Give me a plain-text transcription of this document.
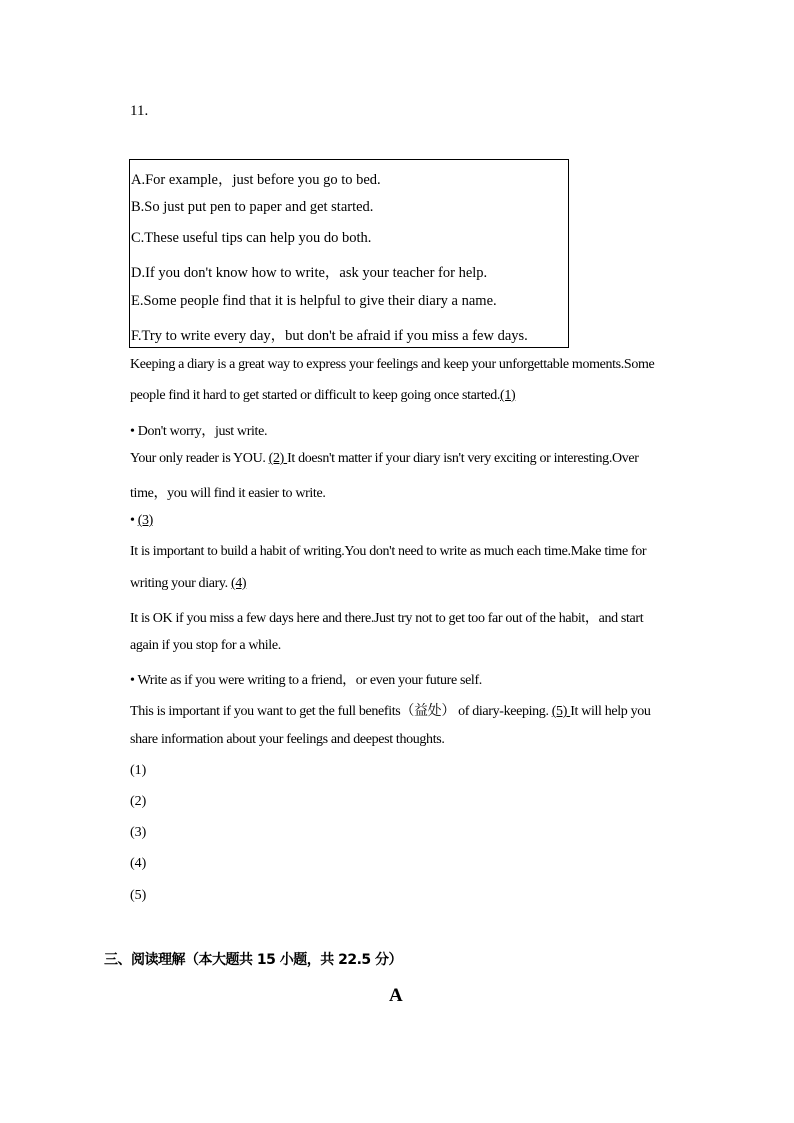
11.
A.For example，just before you go to bed.
B.So just put pen to paper and get started.
C.These useful tips can help you do both.
D.If you don't know how to write，ask your teacher for help.
E.Some people find that it is helpful to give their diary a name.
F.Try to write every day，but don't be afraid if you miss a few days.
Keeping a diary is a great way to express your feelings and keep your unforgettable moments.Some
people find it hard to get started or difficult to keep going once started.(1)
• Don't worry，just write.
Your only reader is YOU. (2) It doesn't matter if your diary isn't very exciting or interesting.Over
time，you will find it easier to write.
• (3)
It is important to build a habit of writing.You don't need to write as much each time.Make time for
writing your diary. (4)
It is OK if you miss a few days here and there.Just try not to get too far out of the habit，and start
again if you stop for a while.
• Write as if you were writing to a friend，or even your future self.
This is important if you want to get the full benefits（益处） of diary-keeping. (5) It will help you
share information about your feelings and deepest thoughts.
(1)
(2)
(3)
(4)
(5)
三、阅读理解（本大题共 15 小题，共 22.5 分）
A
